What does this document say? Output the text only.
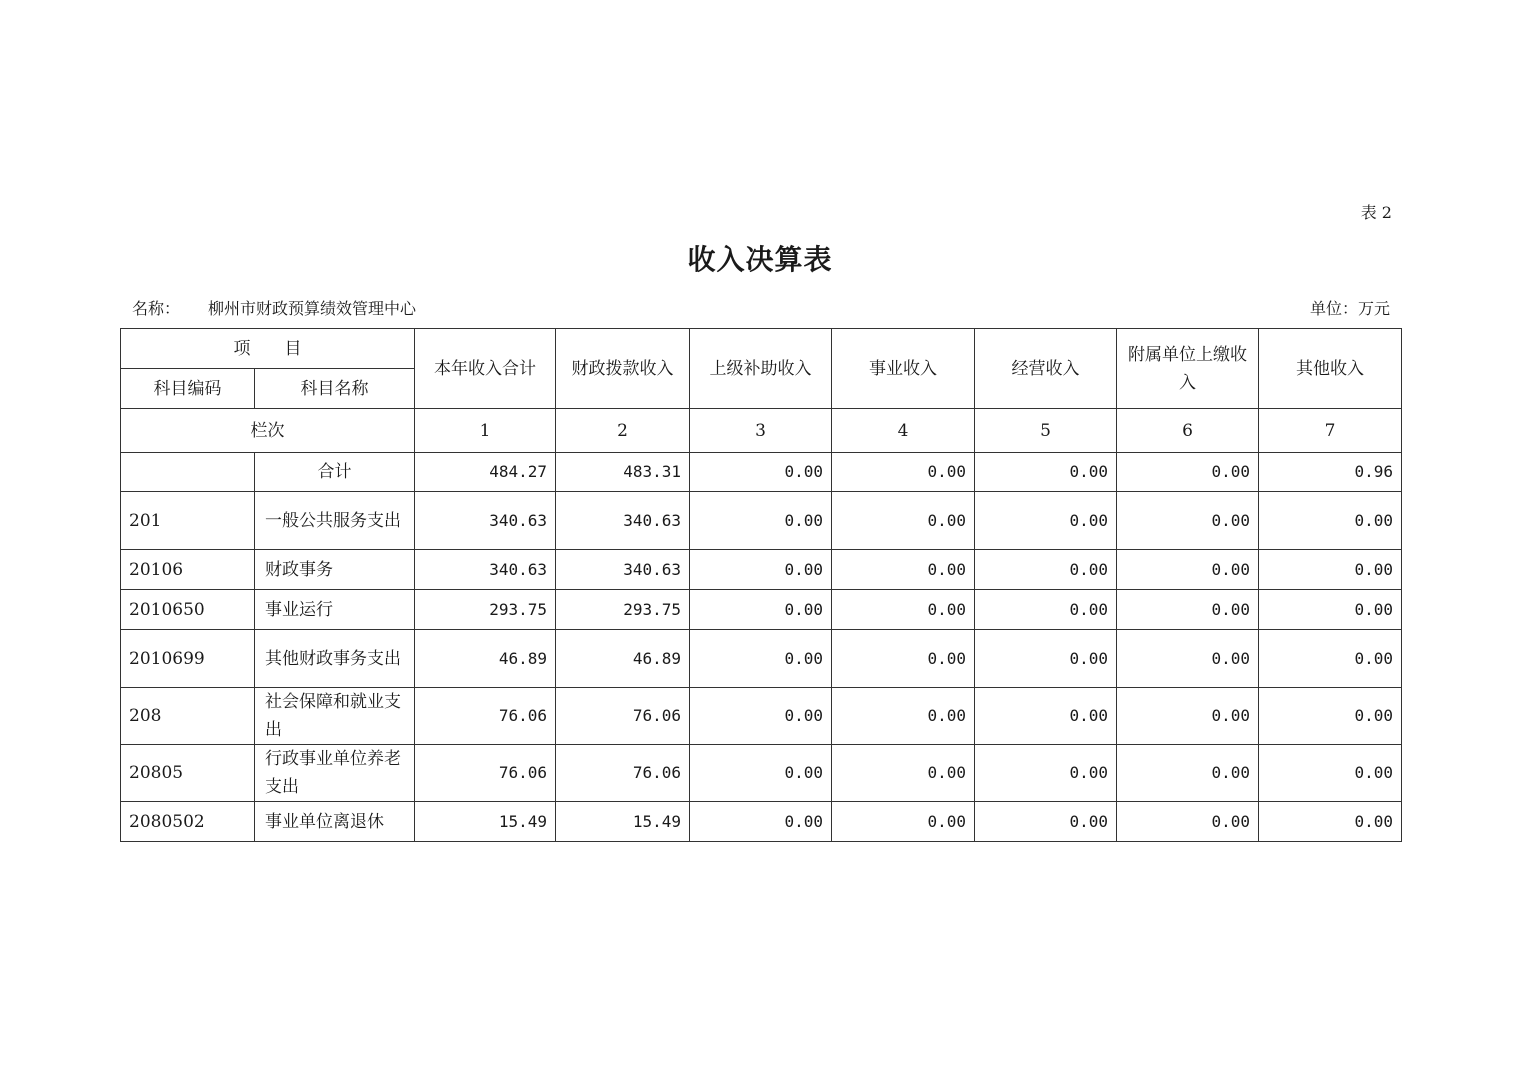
表 2
收入决算表
名称： 柳州市财政预算绩效管理中心	单位：万元
项　　目		本年收入合计	财政拨款收入	上级补助收入	事业收入	经营收入	附属单位上缴收入	其他收入
科目编码	科目名称							
栏次		1	2	3	4	5	6	7
	合计	484.27	483.31	0.00	0.00	0.00	0.00	0.96
201	一般公共服务支出	340.63	340.63	0.00	0.00	0.00	0.00	0.00
20106	财政事务	340.63	340.63	0.00	0.00	0.00	0.00	0.00
2010650	事业运行	293.75	293.75	0.00	0.00	0.00	0.00	0.00
2010699	其他财政事务支出	46.89	46.89	0.00	0.00	0.00	0.00	0.00
208	社会保障和就业支出	76.06	76.06	0.00	0.00	0.00	0.00	0.00
20805	行政事业单位养老支出	76.06	76.06	0.00	0.00	0.00	0.00	0.00
2080502	事业单位离退休	15.49	15.49	0.00	0.00	0.00	0.00	0.00
